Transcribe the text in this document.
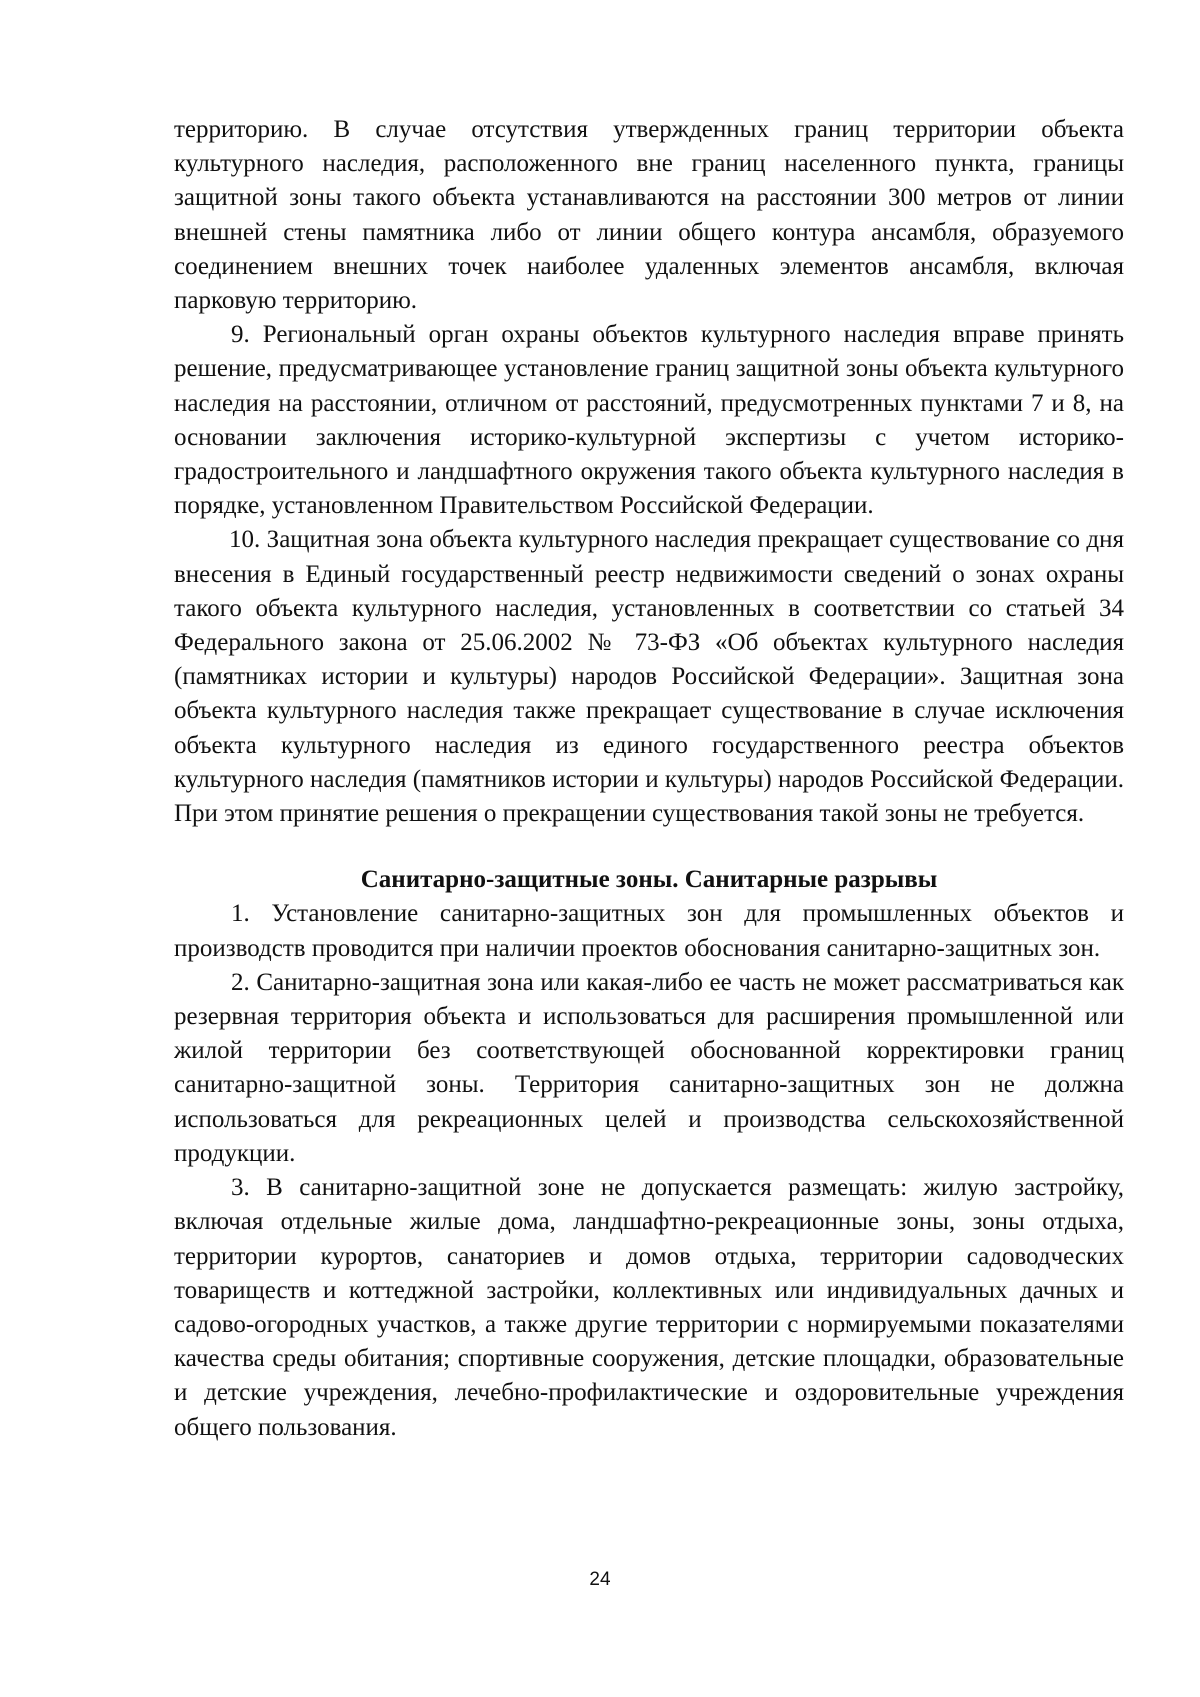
территорию. В случае отсутствия утвержденных границ территории объекта культурного наследия, расположенного вне границ населенного пункта, границы защитной зоны такого объекта устанавливаются на расстоянии 300 метров от линии внешней стены памятника либо от линии общего контура ансамбля, образуемого соединением внешних точек наиболее удаленных элементов ансамбля, включая парковую территорию.

9. Региональный орган охраны объектов культурного наследия вправе принять решение, предусматривающее установление границ защитной зоны объекта культурного наследия на расстоянии, отличном от расстояний, предусмотренных пунктами 7 и 8, на основании заключения историко-культурной экспертизы с учетом историко-градостроительного и ландшафтного окружения такого объекта культурного наследия в порядке, установленном Правительством Российской Федерации.

10. Защитная зона объекта культурного наследия прекращает существование со дня внесения в Единый государственный реестр недвижимости сведений о зонах охраны такого объекта культурного наследия, установленных в соответствии со статьей 34 Федерального закона от 25.06.2002 № 73-ФЗ «Об объектах культурного наследия (памятниках истории и культуры) народов Российской Федерации». Защитная зона объекта культурного наследия также прекращает существование в случае исключения объекта культурного наследия из единого государственного реестра объектов культурного наследия (памятников истории и культуры) народов Российской Федерации. При этом принятие решения о прекращении существования такой зоны не требуется.

Санитарно-защитные зоны. Санитарные разрывы

1. Установление санитарно-защитных зон для промышленных объектов и производств проводится при наличии проектов обоснования санитарно-защитных зон.

2. Санитарно-защитная зона или какая-либо ее часть не может рассматриваться как резервная территория объекта и использоваться для расширения промышленной или жилой территории без соответствующей обоснованной корректировки границ санитарно-защитной зоны. Территория санитарно-защитных зон не должна использоваться для рекреационных целей и производства сельскохозяйственной продукции.

3. В санитарно-защитной зоне не допускается размещать: жилую застройку, включая отдельные жилые дома, ландшафтно-рекреационные зоны, зоны отдыха, территории курортов, санаториев и домов отдыха, территории садоводческих товариществ и коттеджной застройки, коллективных или индивидуальных дачных и садово-огородных участков, а также другие территории с нормируемыми показателями качества среды обитания; спортивные сооружения, детские площадки, образовательные и детские учреждения, лечебно-профилактические и оздоровительные учреждения общего пользования.

24
